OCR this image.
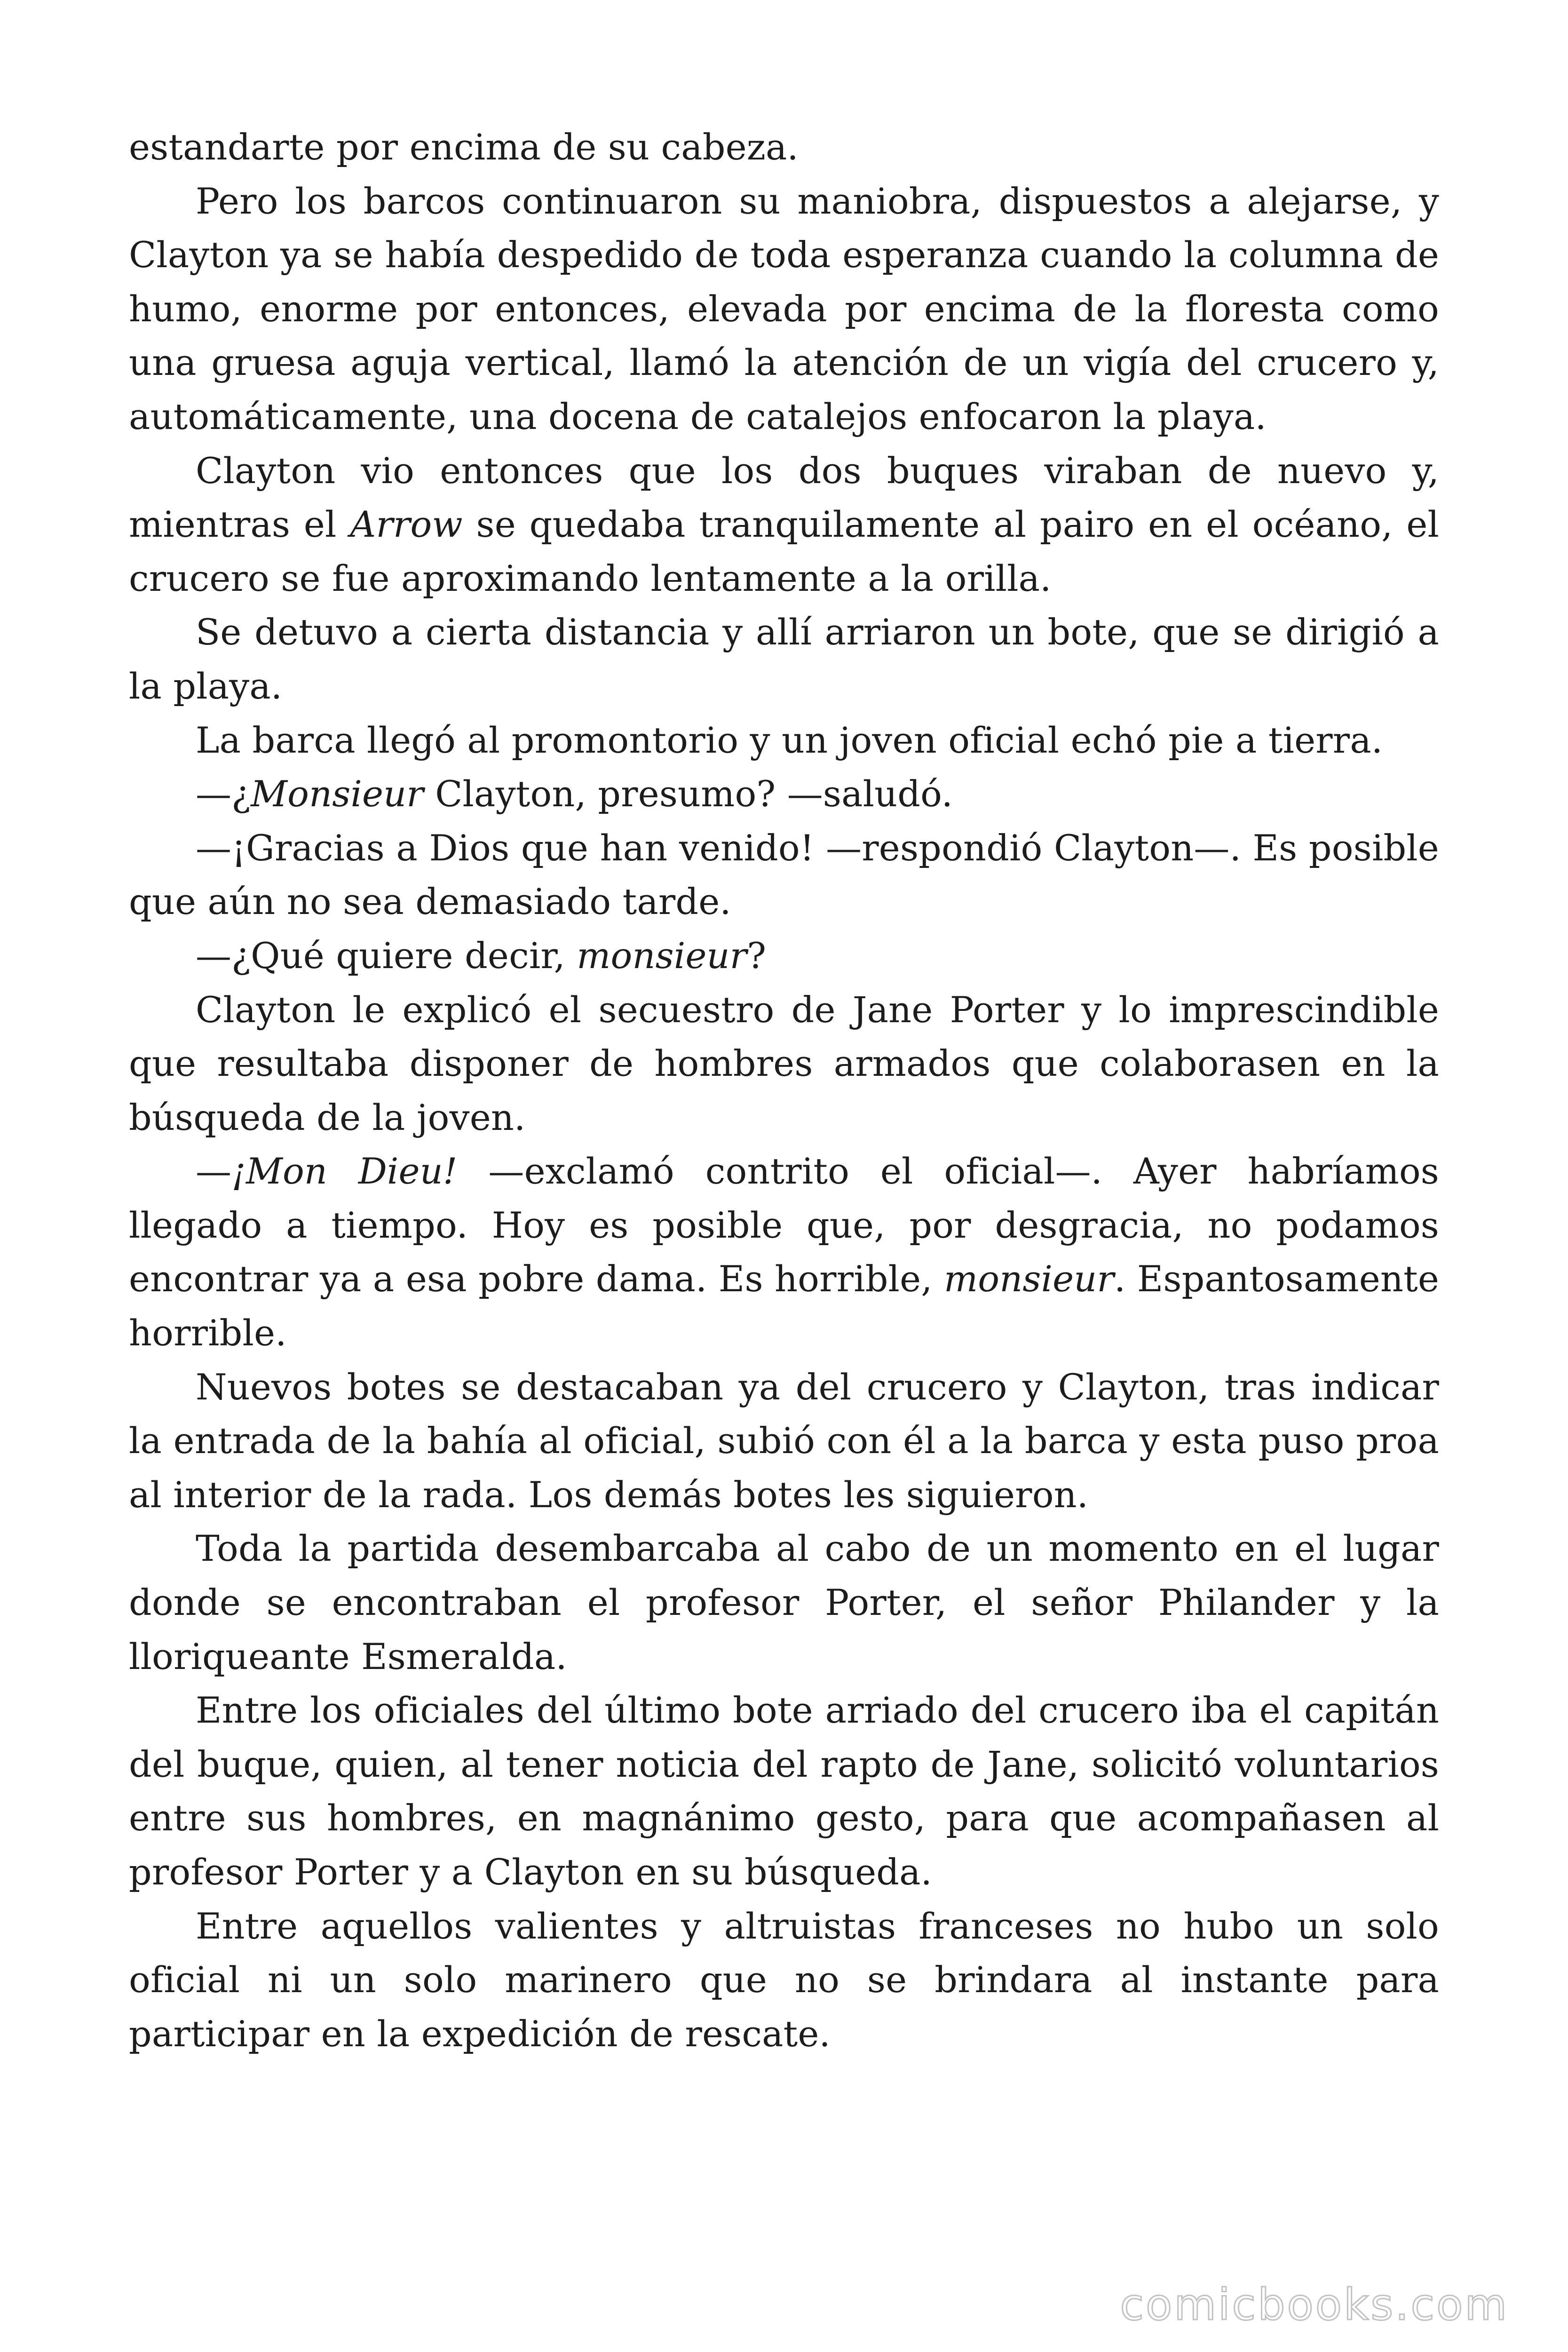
estandarte por encima de su cabeza.

Pero los barcos continuaron su maniobra, dispuestos a alejarse, y Clayton ya se había despedido de toda esperanza cuando la columna de humo, enorme por entonces, elevada por encima de la floresta como una gruesa aguja vertical, llamó la atención de un vigía del crucero y, automáticamente, una docena de catalejos enfocaron la playa.

Clayton vio entonces que los dos buques viraban de nuevo y, mientras el Arrow se quedaba tranquilamente al pairo en el océano, el crucero se fue aproximando lentamente a la orilla.

Se detuvo a cierta distancia y allí arriaron un bote, que se dirigió a la playa.

La barca llegó al promontorio y un joven oficial echó pie a tierra.

—¿Monsieur Clayton, presumo? —saludó.

—¡Gracias a Dios que han venido! —respondió Clayton—. Es posible que aún no sea demasiado tarde.

—¿Qué quiere decir, monsieur?

Clayton le explicó el secuestro de Jane Porter y lo imprescindible que resultaba disponer de hombres armados que colaborasen en la búsqueda de la joven.

—¡Mon Dieu! —exclamó contrito el oficial—. Ayer habríamos llegado a tiempo. Hoy es posible que, por desgracia, no podamos encontrar ya a esa pobre dama. Es horrible, monsieur. Espantosamente horrible.

Nuevos botes se destacaban ya del crucero y Clayton, tras indicar la entrada de la bahía al oficial, subió con él a la barca y esta puso proa al interior de la rada. Los demás botes les siguieron.

Toda la partida desembarcaba al cabo de un momento en el lugar donde se encontraban el profesor Porter, el señor Philander y la lloriqueante Esmeralda.

Entre los oficiales del último bote arriado del crucero iba el capitán del buque, quien, al tener noticia del rapto de Jane, solicitó voluntarios entre sus hombres, en magnánimo gesto, para que acompañasen al profesor Porter y a Clayton en su búsqueda.

Entre aquellos valientes y altruistas franceses no hubo un solo oficial ni un solo marinero que no se brindara al instante para participar en la expedición de rescate.

comicbooks.com
